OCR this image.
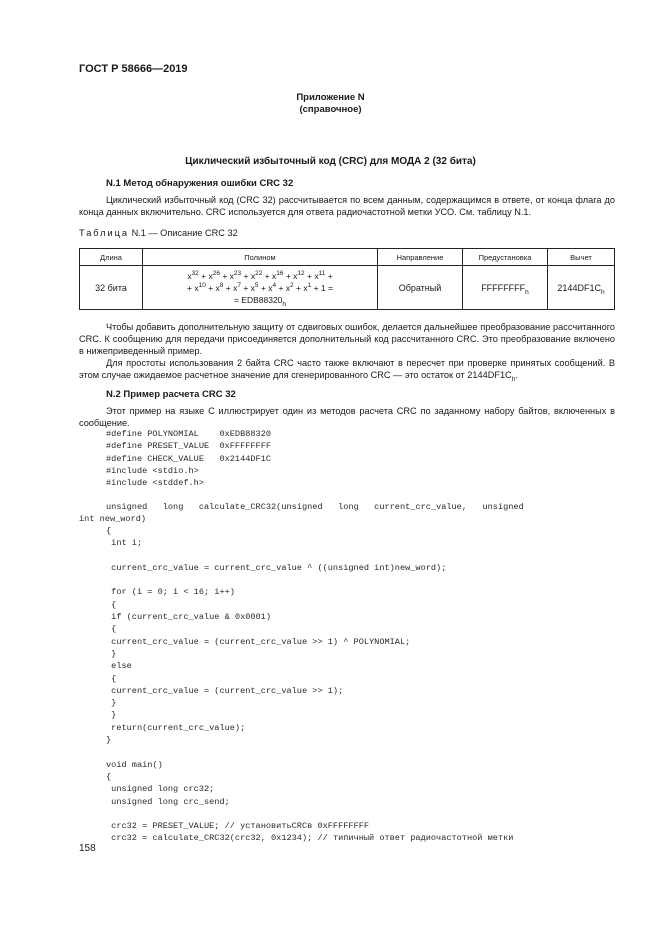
ГОСТ Р 58666—2019
Приложение N
(справочное)
Циклический избыточный код (CRC) для МОДА 2 (32 бита)
N.1 Метод обнаружения ошибки CRC 32
Циклический избыточный код (CRC 32) рассчитывается по всем данным, содержащимся в ответе, от конца флага до конца данных включительно. CRC используется для ответа радиочастотной метки УСО. См. таблицу N.1.
Таблица N.1 — Описание CRC 32
Длина	Полином	Направление	Предустановка	Вычет
32 бита	$x^{32} + x^{26} + x^{23} + x^{22} + x^{16} + x^{12} + x^{11}$ +
+ $x^{10} + x^8 + x^7 + x^5 + x^4 + x^2 + x^1 + 1$ =
= $EDB88320_h$	Обратный	$FFFFFFFF_h$	$2144DF1C_h$
Чтобы добавить дополнительную защиту от сдвиговых ошибок, делается дальнейшее преобразование рассчитанного CRC. К сообщению для передачи присоединяется дополнительный код рассчитанного CRC. Это преобразование включено в нижеприведенный пример.
Для простоты использования 2 байта CRC часто также включают в пересчет при проверке принятых сообщений. В этом случае ожидаемое расчетное значение для сгенерированного CRC — это остаток от $2144DF1C_h$.
N.2 Пример расчета CRC 32
Этот пример на языке С иллюстрирует один из методов расчета CRC по заданному набору байтов, включенных в сообщение.
#define POLYNOMIAL    0xEDB88320
#define PRESET_VALUE  0xFFFFFFFF
#define CHECK_VALUE   0x2144DF1C
#include <stdio.h>
#include <stddef.h>
unsigned   long   calculate_CRC32(unsigned   long   current_crc_value,   unsigned
int new_word)
{
int i;

current_crc_value = current_crc_value ^ ((unsigned int)new_word);

for (i = 0; i < 16; i++)
{
if (current_crc_value & 0x0001)
{
current_crc_value = (current_crc_value >> 1) ^ POLYNOMIAL;
}
else
{
current_crc_value = (current_crc_value >> 1);
}
}
return(current_crc_value);
}

void main()
{
unsigned long crc32;
unsigned long crc_send;

crc32 = PRESET_VALUE; // установитьCRCв 0xFFFFFFFF
crc32 = calculate_CRC32(crc32, 0x1234); // типичный ответ радиочастотной метки
158
